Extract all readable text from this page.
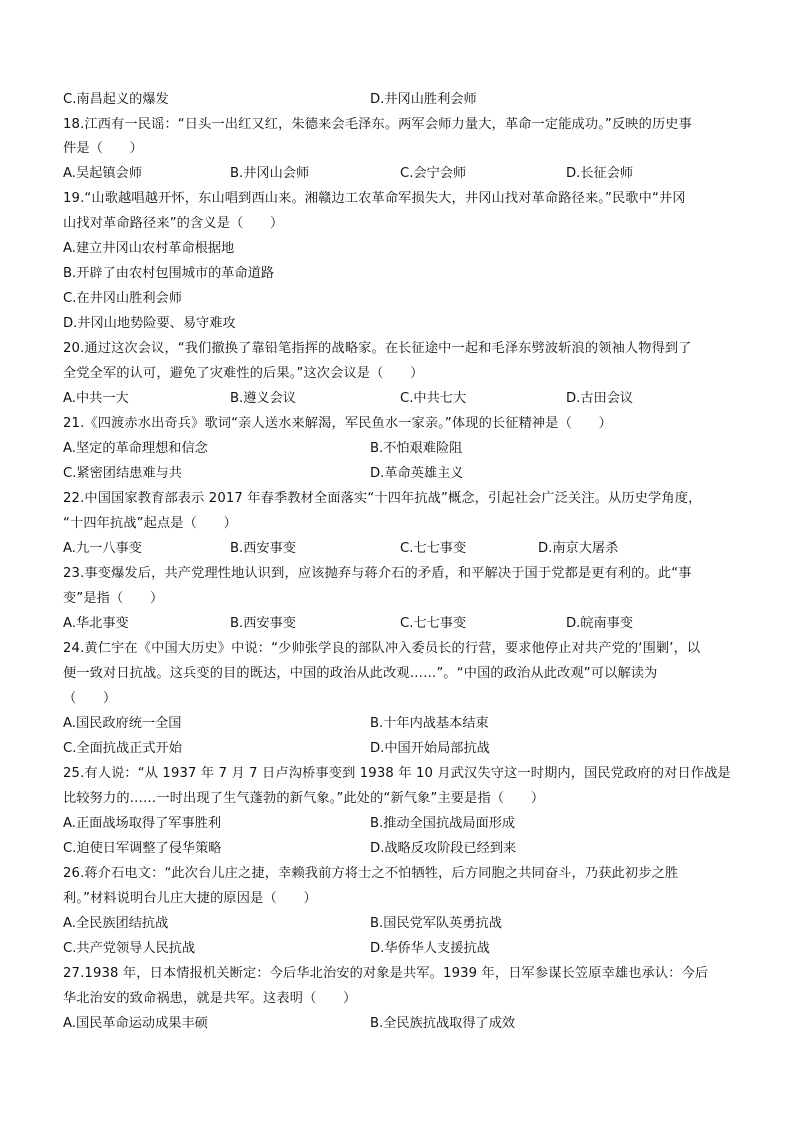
C.南昌起义的爆发	D.井冈山胜利会师
18.江西有一民谣：“日头一出红又红，朱德来会毛泽东。两军会师力量大，革命一定能成功。”反映的历史事
件是（　　）
A.吴起镇会师	B.井冈山会师	C.会宁会师	D.长征会师
19.“山歌越唱越开怀，东山唱到西山来。湘赣边工农革命军损失大，井冈山找对革命路径来。”民歌中“井冈
山找对革命路径来”的含义是（　　）
A.建立井冈山农村革命根据地
B.开辟了由农村包围城市的革命道路
C.在井冈山胜利会师
D.井冈山地势险要、易守难攻
20.通过这次会议，“我们撤换了靠铅笔指挥的战略家。在长征途中一起和毛泽东劈波斩浪的领袖人物得到了
全党全军的认可，避免了灾难性的后果。”这次会议是（　　）
A.中共一大	B.遵义会议	C.中共七大	D.古田会议
21.《四渡赤水出奇兵》歌词“亲人送水来解渴，军民鱼水一家亲。”体现的长征精神是（　　）
A.坚定的革命理想和信念	B.不怕艰难险阻
C.紧密团结患难与共	D.革命英雄主义
22.中国国家教育部表示 2017 年春季教材全面落实“十四年抗战”概念，引起社会广泛关注。从历史学角度，
“十四年抗战”起点是（　　）
A.九一八事变	B.西安事变	C.七七事变	D.南京大屠杀
23.事变爆发后，共产党理性地认识到，应该抛弃与蒋介石的矛盾，和平解决于国于党都是更有利的。此“事
变”是指（　　）
A.华北事变	B.西安事变	C.七七事变	D.皖南事变
24.黄仁宇在《中国大历史》中说：“少帅张学良的部队冲入委员长的行营，要求他停止对共产党的‘围剿’，以
便一致对日抗战。这兵变的目的既达，中国的政治从此改观……”。“中国的政治从此改观”可以解读为
（　　）
A.国民政府统一全国	B.十年内战基本结束
C.全面抗战正式开始	D.中国开始局部抗战
25.有人说：“从 1937 年 7 月 7 日卢沟桥事变到 1938 年 10 月武汉失守这一时期内，国民党政府的对日作战是
比较努力的……一时出现了生气蓬勃的新气象。”此处的“新气象”主要是指（　　）
A.正面战场取得了军事胜利	B.推动全国抗战局面形成
C.迫使日军调整了侵华策略	D.战略反攻阶段已经到来
26.蒋介石电文：“此次台儿庄之捷，幸赖我前方将士之不怕牺牲，后方同胞之共同奋斗，乃获此初步之胜
利。”材料说明台儿庄大捷的原因是（　　）
A.全民族团结抗战	B.国民党军队英勇抗战
C.共产党领导人民抗战	D.华侨华人支援抗战
27.1938 年，日本情报机关断定：今后华北治安的对象是共军。1939 年，日军参谋长笠原幸雄也承认：今后
华北治安的致命祸患，就是共军。这表明（　　）
A.国民革命运动成果丰硕	B.全民族抗战取得了成效
